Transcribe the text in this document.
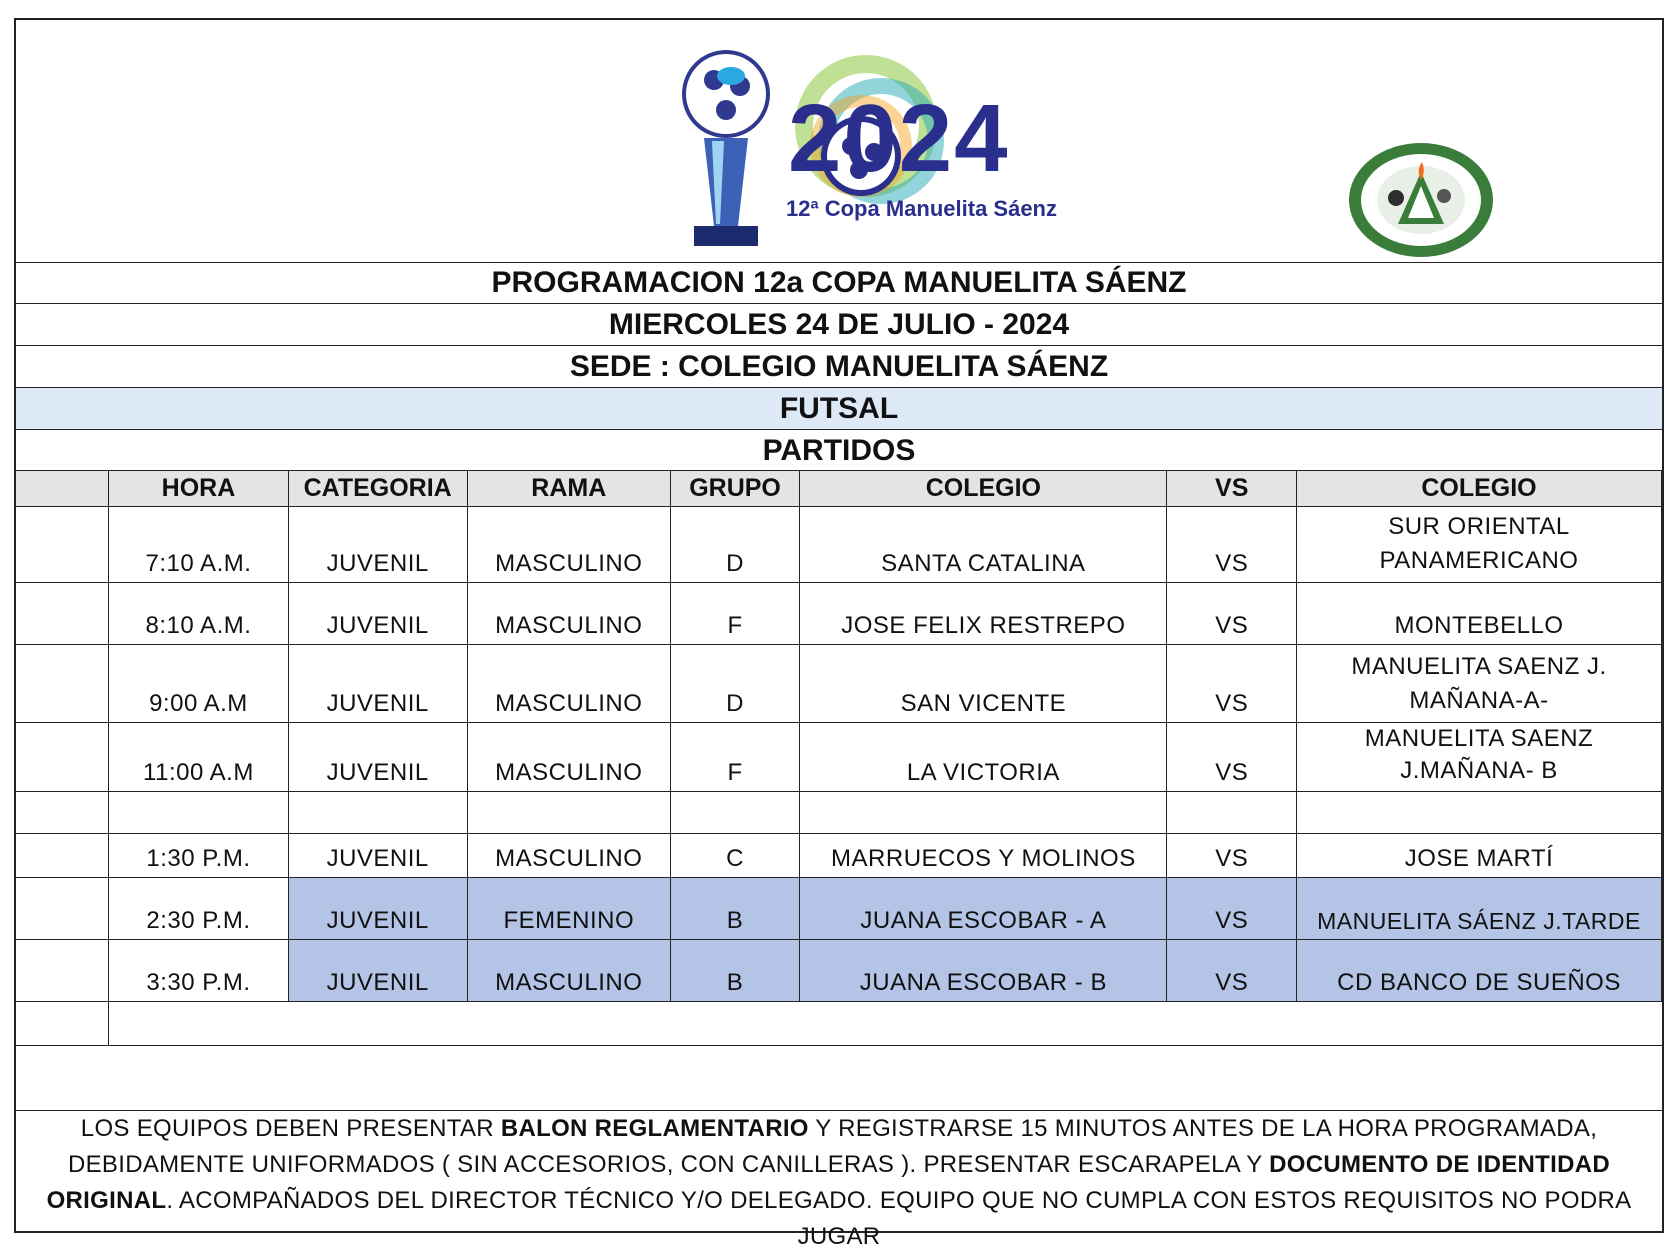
2024
12ª Copa Manuelita Sáenz
PROGRAMACION 12a COPA MANUELITA SÁENZ
MIERCOLES 24 DE JULIO - 2024
SEDE : COLEGIO MANUELITA SÁENZ
FUTSAL
PARTIDOS
	HORA	CATEGORIA	RAMA	GRUPO	COLEGIO	VS	COLEGIO
	7:10 A.M.	JUVENIL	MASCULINO	D	SANTA CATALINA	VS	SUR ORIENTAL
PANAMERICANO

	8:10 A.M.	JUVENIL	MASCULINO	F	JOSE FELIX RESTREPO	VS	MONTEBELLO
	9:00 A.M	JUVENIL	MASCULINO	D	SAN VICENTE	VS	MANUELITA SAENZ J.
MAÑANA-A-

	11:00 A.M	JUVENIL	MASCULINO	F	LA VICTORIA	VS	MANUELITA SAENZ
J.MAÑANA- B

	1:30 P.M.	JUVENIL	MASCULINO	C	MARRUECOS Y MOLINOS	VS	JOSE MARTÍ
	2:30 P.M.	JUVENIL	FEMENINO	B	JUANA ESCOBAR - A	VS	MANUELITA SÁENZ J.TARDE
	3:30 P.M.	JUVENIL	MASCULINO	B	JUANA ESCOBAR - B	VS	CD BANCO DE SUEÑOS

LOS EQUIPOS DEBEN PRESENTAR BALON REGLAMENTARIO Y REGISTRARSE 15 MINUTOS ANTES DE LA HORA PROGRAMADA, DEBIDAMENTE UNIFORMADOS ( SIN ACCESORIOS, CON CANILLERAS ). PRESENTAR ESCARAPELA Y DOCUMENTO DE IDENTIDAD ORIGINAL. ACOMPAÑADOS DEL DIRECTOR TÉCNICO Y/O DELEGADO. EQUIPO QUE NO CUMPLA CON ESTOS REQUISITOS NO PODRA JUGAR
